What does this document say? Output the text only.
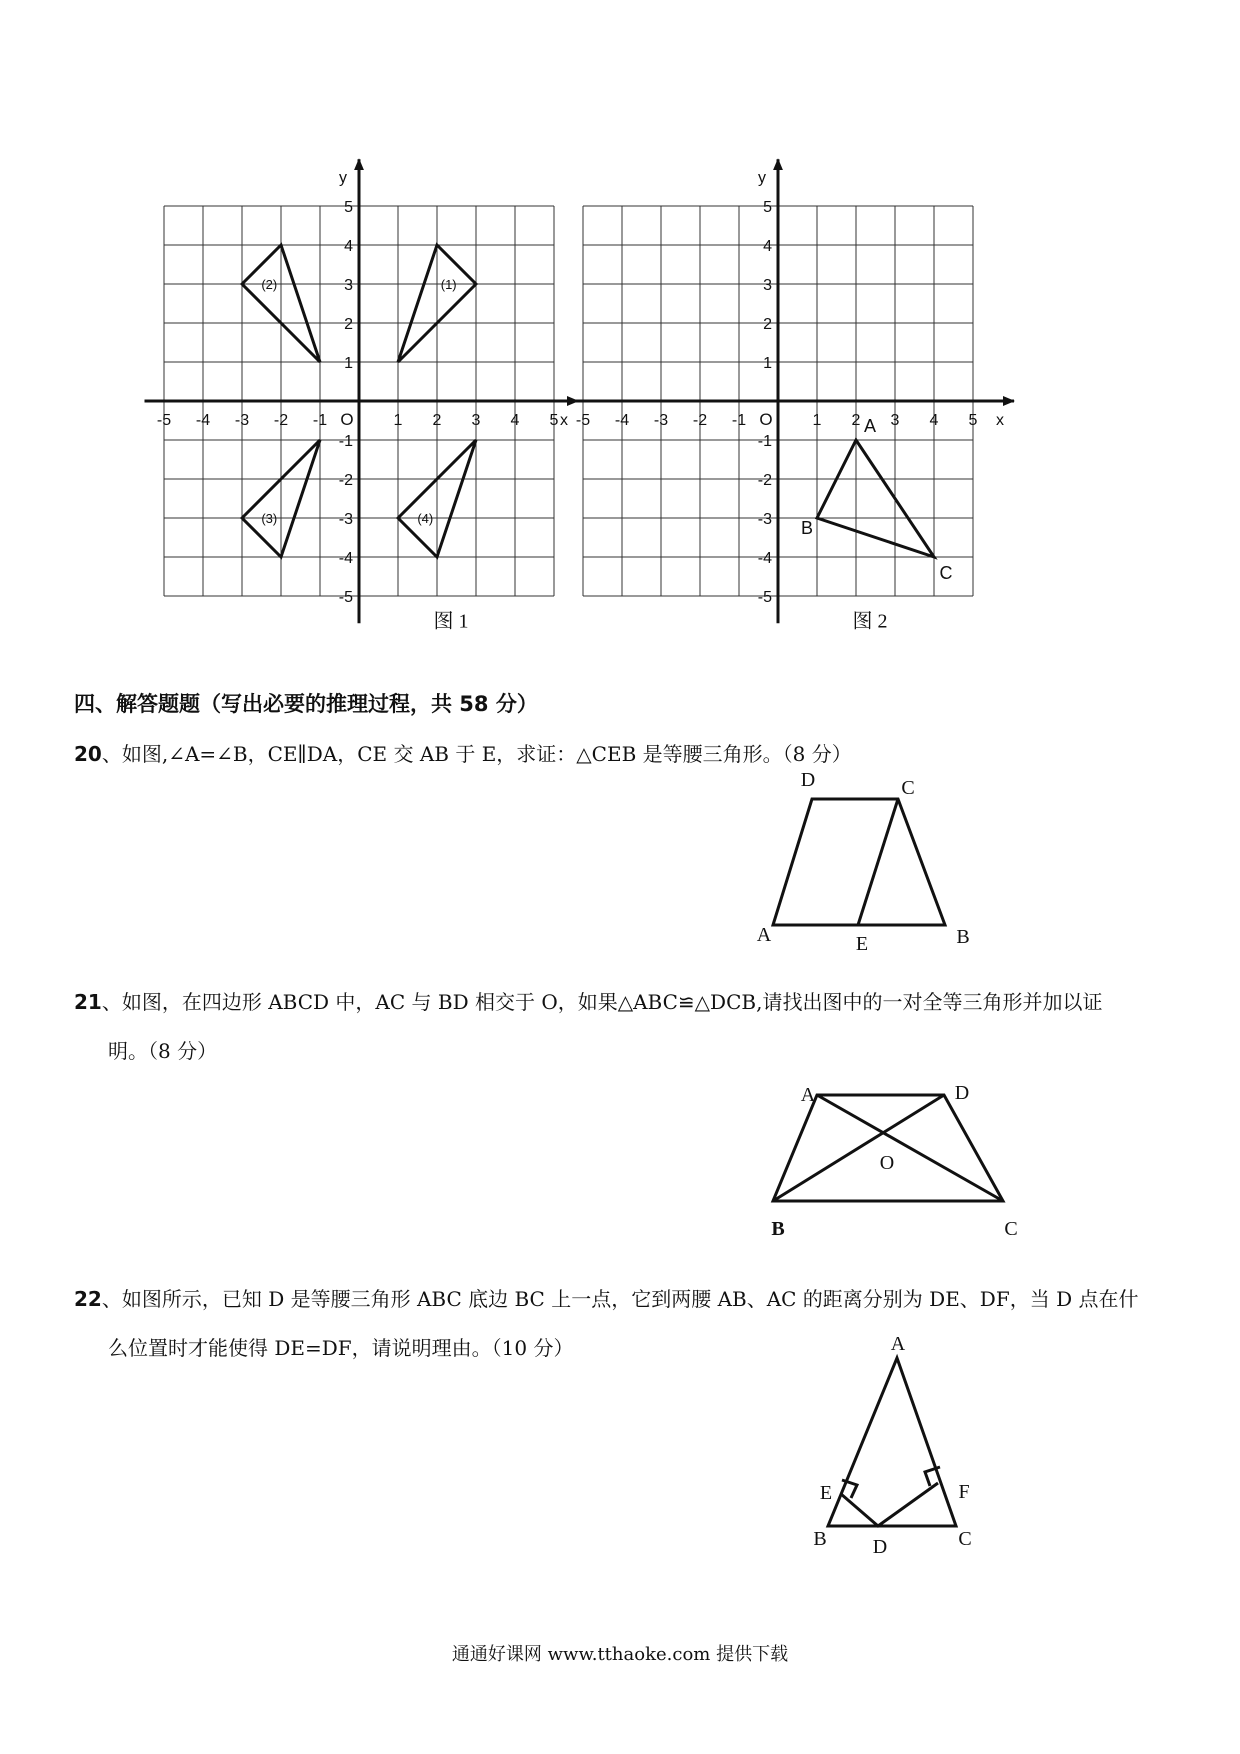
-5 -4 -3 -2 -1	1 2 3 4 5
5
4
3
2
1
-1
-2
-3
-4
-5
O	x
y
图 1
(1)
(2)
(3)	(4)
-5 -4 -3 -2 -1	1 2 3 4 5
5
4
3
2
1
-1
-2
-3
-4
-5
O	x
y
图 2
A
B
C
四、解答题题（写出必要的推理过程，共 58 分）
20、如图,∠A=∠B，CE∥DA，CE 交 AB 于 E，求证：△CEB 是等腰三角形。（8 分）
D	C
A	E	B
21、如图，在四边形 ABCD 中，AC 与 BD 相交于 O，如果△ABC≌△DCB,请找出图中的一对全等三角形并加以证
明。（8 分）
A	D
O
B	C
22、如图所示，已知 D 是等腰三角形 ABC 底边 BC 上一点，它到两腰 AB、AC 的距离分别为 DE、DF，当 D 点在什
A
E	F
B D	C
么位置时才能使得 DE=DF，请说明理由。（10 分）
通通好课网 www.tthaoke.com 提供下载
